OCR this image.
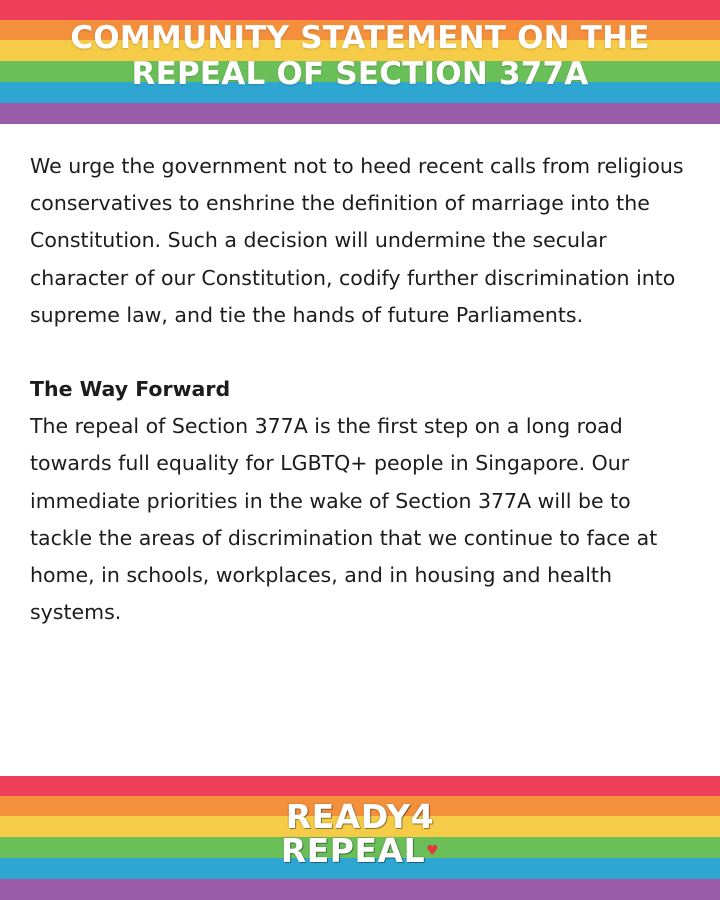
COMMUNITY STATEMENT ON THE
REPEAL OF SECTION 377A

We urge the government not to heed recent calls from religious conservatives to enshrine the definition of marriage into the Constitution. Such a decision will undermine the secular character of our Constitution, codify further discrimination into supreme law, and tie the hands of future Parliaments.

The Way Forward

The repeal of Section 377A is the first step on a long road towards full equality for LGBTQ+ people in Singapore. Our immediate priorities in the wake of Section 377A will be to tackle the areas of discrimination that we continue to face at home, in schools, workplaces, and in housing and health systems.

READY4
REPEAL♥
